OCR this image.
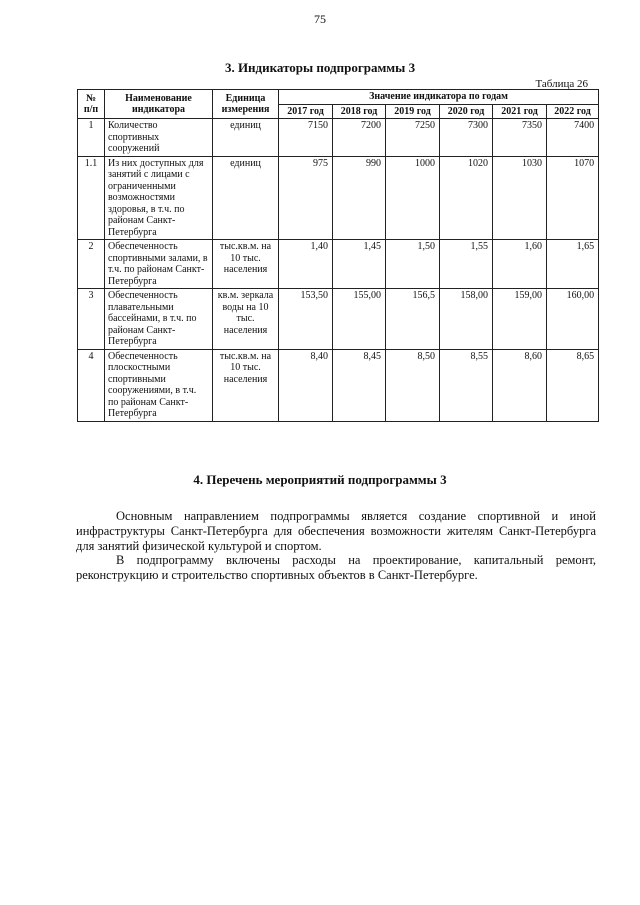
75
3. Индикаторы подпрограммы 3
Таблица 26
№ п/п	Наименование индикатора	Единица измерения	Значение индикатора по годам					
			2017 год	2018 год	2019 год	2020 год	2021 год	2022 год
1	Количество спортивных сооружений	единиц	7150	7200	7250	7300	7350	7400
1.1	Из них доступных для занятий с лицами с ограниченными возможностями здоровья, в т.ч. по районам Санкт-Петербурга	единиц	975	990	1000	1020	1030	1070
2	Обеспеченность спортивными залами, в т.ч. по районам Санкт-Петербурга	тыс.кв.м. на 10 тыс. населения	1,40	1,45	1,50	1,55	1,60	1,65
3	Обеспеченность плавательными бассейнами, в т.ч. по районам Санкт-Петербурга	кв.м. зеркала воды на 10 тыс. населения	153,50	155,00	156,5	158,00	159,00	160,00
4	Обеспеченность плоскостными спортивными сооружениями, в т.ч. по районам Санкт-Петербурга	тыс.кв.м. на 10 тыс. населения	8,40	8,45	8,50	8,55	8,60	8,65
4. Перечень мероприятий подпрограммы 3

Основным направлением подпрограммы является создание спортивной и иной инфраструктуры Санкт-Петербурга для обеспечения возможности жителям Санкт-Петербурга для занятий физической культурой и спортом.

В подпрограмму включены расходы на проектирование, капитальный ремонт, реконструкцию и строительство спортивных объектов в Санкт-Петербурге.
